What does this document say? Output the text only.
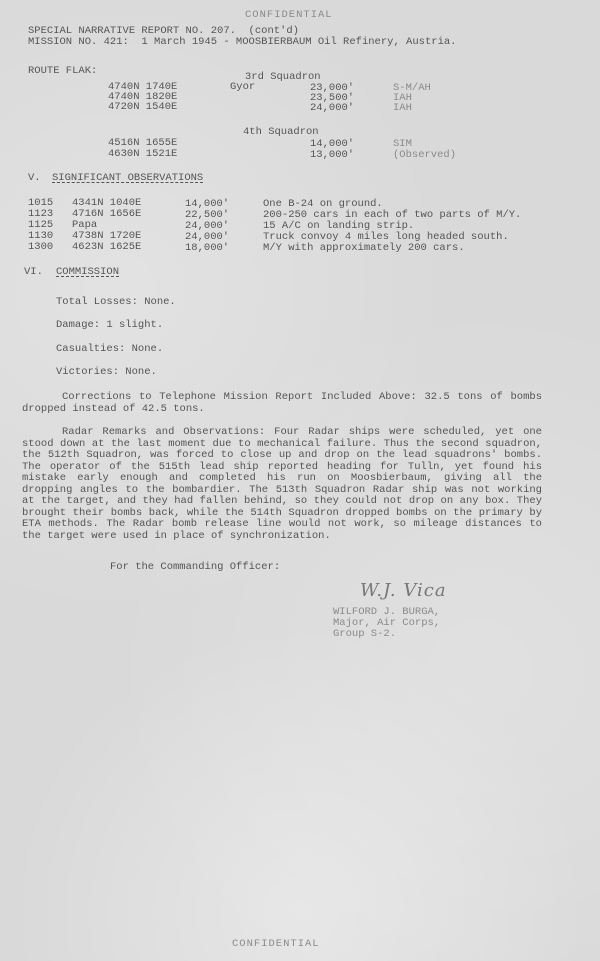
CONFIDENTIAL
SPECIAL NARRATIVE REPORT NO. 207.  (cont'd)
MISSION NO. 421:  1 March 1945 - MOOSBIERBAUM Oil Refinery, Austria.
ROUTE FLAK:	3rd Squadron
4740N 1740E	Gyor	23,000'	S-M/AH
4740N 1820E	23,500'	IAH
4720N 1540E	24,000'	IAH
4th Squadron
4516N 1655E	14,000'	SIM
4630N 1521E	13,000'	(Observed)
V. SIGNIFICANT OBSERVATIONS
1015 4341N 1040E	14,000'	One B-24 on ground.
1123 4716N 1656E	22,500'	200-250 cars in each of two parts of M/Y.
1125 Papa	24,000'	15 A/C on landing strip.
1130 4738N 1720E	24,000'	Truck convoy 4 miles long headed south.
1300 4623N 1625E	18,000'	M/Y with approximately 200 cars.
VI. COMMISSION
Total Losses: None.
Damage: 1 slight.
Casualties: None.
Victories: None.
Corrections to Telephone Mission Report Included Above: 32.5 tons of bombs dropped instead of 42.5 tons.
Radar Remarks and Observations: Four Radar ships were scheduled, yet one stood down at the last moment due to mechanical failure. Thus the second squadron, the 512th Squadron, was forced to close up and drop on the lead squadrons' bombs. The operator of the 515th lead ship reported heading for Tulln, yet found his mistake early enough and completed his run on Moosbierbaum, giving all the dropping angles to the bombardier. The 513th Squadron Radar ship was not working at the target, and they had fallen behind, so they could not drop on any box. They brought their bombs back, while the 514th Squadron dropped bombs on the primary by ETA methods. The Radar bomb release line would not work, so mileage distances to the target were used in place of synchronization.
For the Commanding Officer:
W.J. Vica
WILFORD J. BURGA,
Major, Air Corps,
Group S-2.
CONFIDENTIAL
